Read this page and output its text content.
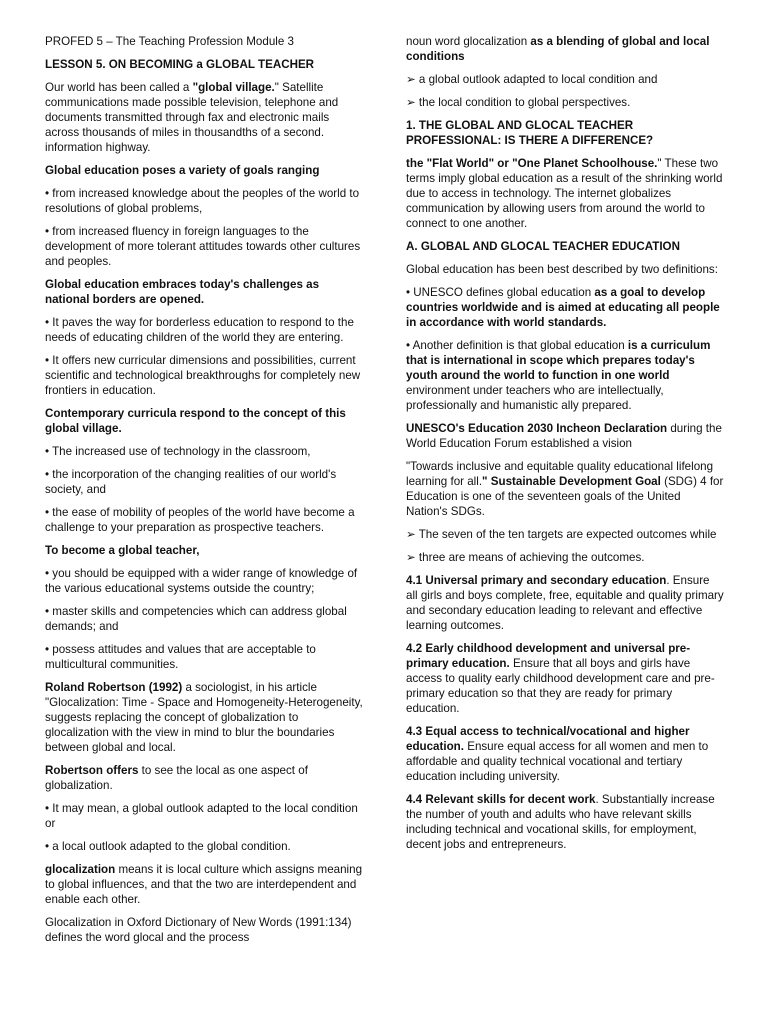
PROFED 5 – The Teaching Profession Module 3

LESSON 5. ON BECOMING a GLOBAL TEACHER

Our world has been called a "global village." Satellite communications made possible television, telephone and documents transmitted through fax and electronic mails across thousands of miles in thousandths of a second. information highway.

Global education poses a variety of goals ranging

• from increased knowledge about the peoples of the world to resolutions of global problems,

• from increased fluency in foreign languages to the development of more tolerant attitudes towards other cultures and peoples.

Global education embraces today's challenges as national borders are opened.

• It paves the way for borderless education to respond to the needs of educating children of the world they are entering.

• It offers new curricular dimensions and possibilities, current scientific and technological breakthroughs for completely new frontiers in education.

Contemporary curricula respond to the concept of this global village.

• The increased use of technology in the classroom,

• the incorporation of the changing realities of our world's society, and

• the ease of mobility of peoples of the world have become a challenge to your preparation as prospective teachers.

To become a global teacher,

• you should be equipped with a wider range of knowledge of the various educational systems outside the country;

• master skills and competencies which can address global demands; and

• possess attitudes and values that are acceptable to multicultural communities.

Roland Robertson (1992) a sociologist, in his article "Glocalization: Time - Space and Homogeneity-Heterogeneity, suggests replacing the concept of globalization to glocalization with the view in mind to blur the boundaries between global and local.

Robertson offers to see the local as one aspect of globalization.

• It may mean, a global outlook adapted to the local condition or

• a local outlook adapted to the global condition.

glocalization means it is local culture which assigns meaning to global influences, and that the two are interdependent and enable each other.

Glocalization in Oxford Dictionary of New Words (1991:134) defines the word glocal and the process

noun word glocalization as a blending of global and local conditions

➢ a global outlook adapted to local condition and

➢ the local condition to global perspectives.

1. THE GLOBAL AND GLOCAL TEACHER PROFESSIONAL: IS THERE A DIFFERENCE?

the "Flat World" or "One Planet Schoolhouse." These two terms imply global education as a result of the shrinking world due to access in technology. The internet globalizes communication by allowing users from around the world to connect to one another.

A. GLOBAL AND GLOCAL TEACHER EDUCATION

Global education has been best described by two definitions:

• UNESCO defines global education as a goal to develop countries worldwide and is aimed at educating all people in accordance with world standards.

• Another definition is that global education is a curriculum that is international in scope which prepares today's youth around the world to function in one world environment under teachers who are intellectually, professionally and humanistic ally prepared.

UNESCO's Education 2030 Incheon Declaration during the World Education Forum established a vision

"Towards inclusive and equitable quality educational lifelong learning for all." Sustainable Development Goal (SDG) 4 for Education is one of the seventeen goals of the United Nation's SDGs.

➢ The seven of the ten targets are expected outcomes while

➢ three are means of achieving the outcomes.

4.1 Universal primary and secondary education. Ensure all girls and boys complete, free, equitable and quality primary and secondary education leading to relevant and effective learning outcomes.

4.2 Early childhood development and universal pre-primary education. Ensure that all boys and girls have access to quality early childhood development care and pre-primary education so that they are ready for primary education.

4.3 Equal access to technical/vocational and higher education. Ensure equal access for all women and men to affordable and quality technical vocational and tertiary education including university.

4.4 Relevant skills for decent work. Substantially increase the number of youth and adults who have relevant skills including technical and vocational skills, for employment, decent jobs and entrepreneurs.
